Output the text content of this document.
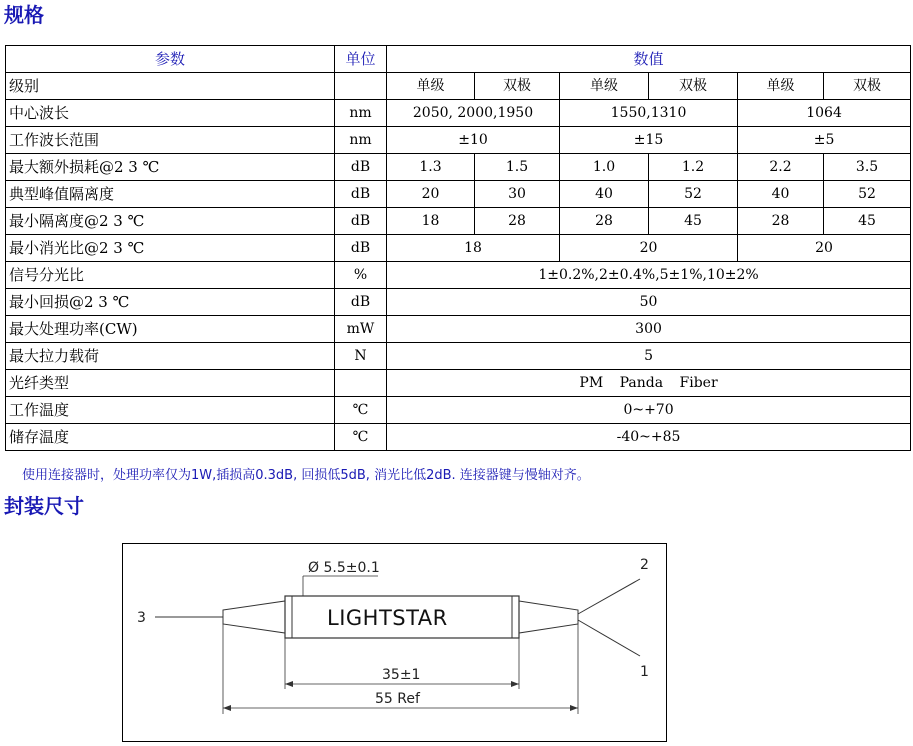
规格
参数	单位	数值					
级别		单级	双极	单级	双极	单级	双极
中心波长	nm	2050, 2000,1950		1550,1310		1064	
工作波长范围	nm	±10		±15		±5	
最大额外损耗@2 3 ℃	dB	1.3	1.5	1.0	1.2	2.2	3.5
典型峰值隔离度	dB	20	30	40	52	40	52
最小隔离度@2 3 ℃	dB	18	28	28	45	28	45
最小消光比@2 3 ℃	dB	18		20		20	
信号分光比	%	1±0.2%,2±0.4%,5±1%,10±2%					
最小回损@2 3 ℃	dB	50					
最大处理功率(CW)	mW	300					
最大拉力载荷	N	5					
光纤类型		PM Panda Fiber					
工作温度	℃	0~+70					
储存温度	℃	-40~+85					
使用连接器时，处理功率仅为1W,插损高0.3dB, 回损低5dB, 消光比低2dB. 连接器键与慢轴对齐。
封装尺寸
Ø 5.5±0.1
LIGHTSTAR
35±1
55 Ref
3
2
1
